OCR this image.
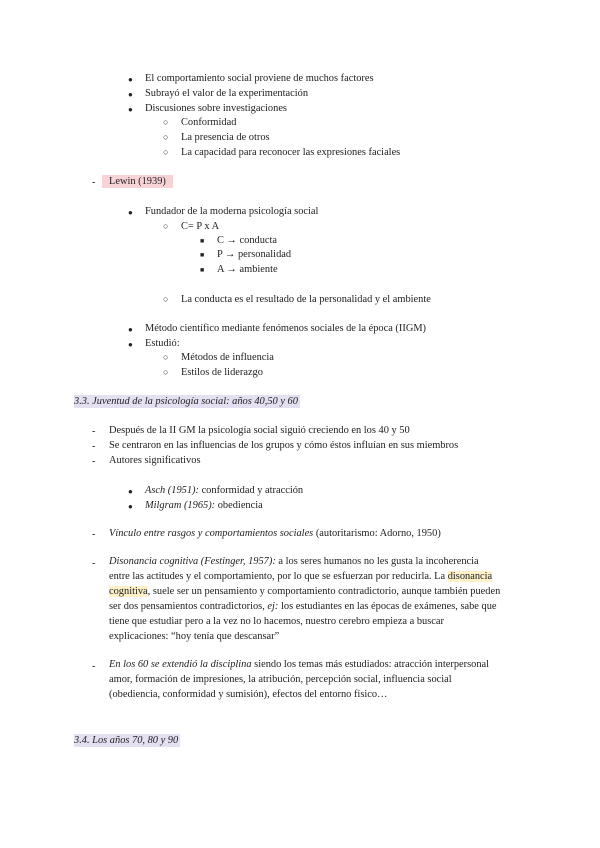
● El comportamiento social proviene de muchos factores
● Subrayó el valor de la experimentación
● Discusiones sobre investigaciones
○ Conformidad
○ La presencia de otros
○ La capacidad para reconocer las expresiones faciales
-	Lewin (1939)
● Fundador de la moderna psicología social
○ C= P x A
■ C → conducta
■ P → personalidad
■ A → ambiente
○ La conducta es el resultado de la personalidad y el ambiente
● Método científico mediante fenómenos sociales de la época (IIGM)
● Estudió:
○ Métodos de influencia
○ Estilos de liderazgo
3.3. Juventud de la psicología social: años 40,50 y 60
- Después de la II GM la psicología social siguió creciendo en los 40 y 50
- Se centraron en las influencias de los grupos y cómo éstos influían en sus miembros
- Autores significativos
● Asch (1951): conformidad y atracción
● Milgram (1965): obediencia
- Vínculo entre rasgos y comportamientos sociales (autoritarismo: Adorno, 1950)
- Disonancia cognitiva (Festinger, 1957): a los seres humanos no les gusta la incoherencia
entre las actitudes y el comportamiento, por lo que se esfuerzan por reducirla. La disonancia
cognitiva, suele ser un pensamiento y comportamiento contradictorio, aunque también pueden
ser dos pensamientos contradictorios, ej: los estudiantes en las épocas de exámenes, sabe que
tiene que estudiar pero a la vez no lo hacemos, nuestro cerebro empieza a buscar
explicaciones: “hoy tenía que descansar”
- En los 60 se extendió la disciplina siendo los temas más estudiados: atracción interpersonal
amor, formación de impresiones, la atribución, percepción social, influencia social
(obediencia, conformidad y sumisión), efectos del entorno físico…
3.4. Los años 70, 80 y 90
